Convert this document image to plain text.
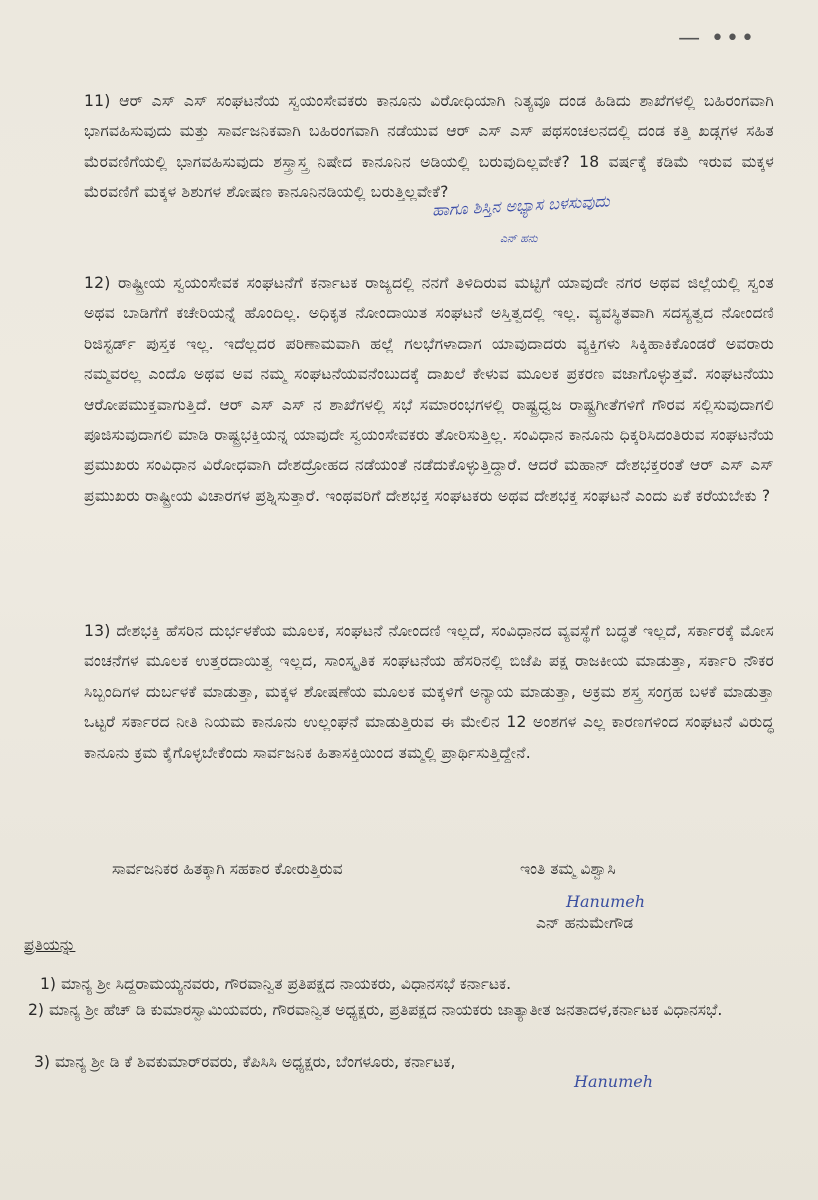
— •••
11) ಆರ್ ಎಸ್ ಎಸ್ ಸಂಘಟನೆಯ ಸ್ವಯಂಸೇವಕರು ಕಾನೂನು ವಿರೋಧಿಯಾಗಿ ನಿತ್ಯವೂ ದಂಡ ಹಿಡಿದು ಶಾಖೆಗಳಲ್ಲಿ ಬಹಿರಂಗವಾಗಿ ಭಾಗವಹಿಸುವುದು ಮತ್ತು ಸಾರ್ವಜನಿಕವಾಗಿ ಬಹಿರಂಗವಾಗಿ ನಡೆಯುವ ಆರ್ ಎಸ್ ಎಸ್ ಪಥಸಂಚಲನದಲ್ಲಿ ದಂಡ ಕತ್ತಿ ಖಡ್ಗಗಳ ಸಹಿತ ಮೆರವಣಿಗೆಯಲ್ಲಿ ಭಾಗವಹಿಸುವುದು ಶಸ್ತ್ರಾಸ್ತ್ರ ನಿಷೇದ ಕಾನೂನಿನ ಅಡಿಯಲ್ಲಿ ಬರುವುದಿಲ್ಲವೇಕೆ? 18 ವರ್ಷಕ್ಕೆ ಕಡಿಮೆ ಇರುವ ಮಕ್ಕಳ ಮೆರವಣಿಗೆ ಮಕ್ಕಳ ಶಿಶುಗಳ ಶೋಷಣ ಕಾನೂನಿನಡಿಯಲ್ಲಿ ಬರುತ್ತಿಲ್ಲವೇಕೆ?
ಹಾಗೂ ಶಿಸ್ತಿನ ಅಭ್ಯಾಸ ಬಳಸುವುದು
ಎನ್ ಹನು
12) ರಾಷ್ಟ್ರೀಯ ಸ್ವಯಂಸೇವಕ ಸಂಘಟನೆಗೆ ಕರ್ನಾಟಕ ರಾಜ್ಯದಲ್ಲಿ ನನಗೆ ತಿಳಿದಿರುವ ಮಟ್ಟಿಗೆ ಯಾವುದೇ ನಗರ ಅಥವ ಜಿಲ್ಲೆಯಲ್ಲಿ ಸ್ವಂತ ಅಥವ ಬಾಡಿಗೆಗೆ ಕಚೇರಿಯನ್ನೆ ಹೊಂದಿಲ್ಲ. ಅಧಿಕೃತ ನೋಂದಾಯಿತ ಸಂಘಟನೆ ಅಸ್ತಿತ್ವದಲ್ಲಿ ಇಲ್ಲ. ವ್ಯವಸ್ಥಿತವಾಗಿ ಸದಸ್ಯತ್ವದ ನೋಂದಣಿ ರಿಜಿಸ್ಟರ್ಡ್ ಪುಸ್ತಕ ಇಲ್ಲ. ಇದೆಲ್ಲದರ ಪರಿಣಾಮವಾಗಿ ಹಲ್ಲೆ ಗಲಭೆಗಳಾದಾಗ ಯಾವುದಾದರು ವ್ಯಕ್ತಿಗಳು ಸಿಕ್ಕಿಹಾಕಿಕೊಂಡರೆ ಅವರಾರು ನಮ್ಮವರಲ್ಲ ಎಂದೊ ಅಥವ ಅವ ನಮ್ಮ ಸಂಘಟನೆಯವನೆಂಬುದಕ್ಕೆ ದಾಖಲೆ ಕೇಳುವ ಮೂಲಕ ಪ್ರಕರಣ ವಜಾಗೊಳ್ಳುತ್ತವೆ. ಸಂಘಟನೆಯು ಆರೋಪಮುಕ್ತವಾಗುತ್ತಿದೆ. ಆರ್ ಎಸ್ ಎಸ್ ನ ಶಾಖೆಗಳಲ್ಲಿ ಸಭೆ ಸಮಾರಂಭಗಳಲ್ಲಿ ರಾಷ್ಟ್ರಧ್ವಜ ರಾಷ್ಟ್ರಗೀತೆಗಳಿಗೆ ಗೌರವ ಸಲ್ಲಿಸುವುದಾಗಲಿ ಪೂಜಿಸುವುದಾಗಲಿ ಮಾಡಿ ರಾಷ್ಟ್ರಭಕ್ತಿಯನ್ನ ಯಾವುದೇ ಸ್ವಯಂಸೇವಕರು ತೋರಿಸುತ್ತಿಲ್ಲ. ಸಂವಿಧಾನ ಕಾನೂನು ಧಿಕ್ಕರಿಸಿದಂತಿರುವ ಸಂಘಟನೆಯ ಪ್ರಮುಖರು ಸಂವಿಧಾನ ವಿರೋಧವಾಗಿ ದೇಶದ್ರೋಹದ ನಡೆಯಂತೆ ನಡೆದುಕೊಳ್ಳುತ್ತಿದ್ದಾರೆ. ಆದರೆ ಮಹಾನ್ ದೇಶಭಕ್ತರಂತೆ ಆರ್ ಎಸ್ ಎಸ್ ಪ್ರಮುಖರು ರಾಷ್ಟ್ರೀಯ ವಿಚಾರಗಳ ಪ್ರಶ್ನಿಸುತ್ತಾರೆ. ಇಂಥವರಿಗೆ ದೇಶಭಕ್ತ ಸಂಘಟಕರು ಅಥವ ದೇಶಭಕ್ತ ಸಂಘಟನೆ ಎಂದು ಏಕೆ ಕರೆಯಬೇಕು ?
13) ದೇಶಭಕ್ತಿ ಹೆಸರಿನ ದುರ್ಭಳಕೆಯ ಮೂಲಕ, ಸಂಘಟನೆ ನೋಂದಣಿ ಇಲ್ಲದೆ, ಸಂವಿಧಾನದ ವ್ಯವಸ್ಥೆಗೆ ಬದ್ಧತೆ ಇಲ್ಲದೆ, ಸರ್ಕಾರಕ್ಕೆ ಮೋಸ ವಂಚನೆಗಳ ಮೂಲಕ ಉತ್ತರದಾಯಿತ್ವ ಇಲ್ಲದ, ಸಾಂಸ್ಕೃತಿಕ ಸಂಘಟನೆಯ ಹೆಸರಿನಲ್ಲಿ ಬಿಜೆಪಿ ಪಕ್ಷ ರಾಜಕೀಯ ಮಾಡುತ್ತಾ, ಸರ್ಕಾರಿ ನೌಕರ ಸಿಬ್ಬಂದಿಗಳ ದುರ್ಬಳಕೆ ಮಾಡುತ್ತಾ, ಮಕ್ಕಳ ಶೋಷಣೆಯ ಮೂಲಕ ಮಕ್ಕಳಿಗೆ ಅನ್ಯಾಯ ಮಾಡುತ್ತಾ, ಅಕ್ರಮ ಶಸ್ತ್ರ ಸಂಗ್ರಹ ಬಳಕೆ ಮಾಡುತ್ತಾ ಒಟ್ಟರೆ ಸರ್ಕಾರದ ನೀತಿ ನಿಯಮ ಕಾನೂನು ಉಲ್ಲಂಘನೆ ಮಾಡುತ್ತಿರುವ ಈ ಮೇಲಿನ 12 ಅಂಶಗಳ ಎಲ್ಲ ಕಾರಣಗಳಿಂದ ಸಂಘಟನೆ ವಿರುದ್ಧ ಕಾನೂನು ಕ್ರಮ ಕೈಗೊಳ್ಳಬೇಕೆಂದು ಸಾರ್ವಜನಿಕ ಹಿತಾಸಕ್ತಿಯಿಂದ ತಮ್ಮಲ್ಲಿ ಪ್ರಾರ್ಥಿಸುತ್ತಿದ್ದೇನೆ.
ಸಾರ್ವಜನಿಕರ ಹಿತಕ್ಕಾಗಿ ಸಹಕಾರ ಕೋರುತ್ತಿರುವ	ಇಂತಿ ತಮ್ಮ ವಿಶ್ವಾಸಿ
Hanumeh
ಎನ್ ಹನುಮೇಗೌಡ
ಪ್ರತಿಯನ್ನು
1) ಮಾನ್ಯ ಶ್ರೀ ಸಿದ್ದರಾಮಯ್ಯನವರು, ಗೌರವಾನ್ವಿತ ಪ್ರತಿಪಕ್ಷದ ನಾಯಕರು, ವಿಧಾನಸಭೆ ಕರ್ನಾಟಕ.
2) ಮಾನ್ಯ ಶ್ರೀ ಹೆಚ್ ಡಿ ಕುಮಾರಸ್ವಾಮಿಯವರು, ಗೌರವಾನ್ವಿತ ಅಧ್ಯಕ್ಷರು, ಪ್ರತಿಪಕ್ಷದ ನಾಯಕರು ಜಾತ್ಯಾತೀತ ಜನತಾದಳ,ಕರ್ನಾಟಕ ವಿಧಾನಸಭೆ.
3) ಮಾನ್ಯ ಶ್ರೀ ಡಿ ಕೆ ಶಿವಕುಮಾರ್‌ರವರು, ಕೆಪಿಸಿಸಿ ಅಧ್ಯಕ್ಷರು, ಬೆಂಗಳೂರು, ಕರ್ನಾಟಕ,
Hanumeh
